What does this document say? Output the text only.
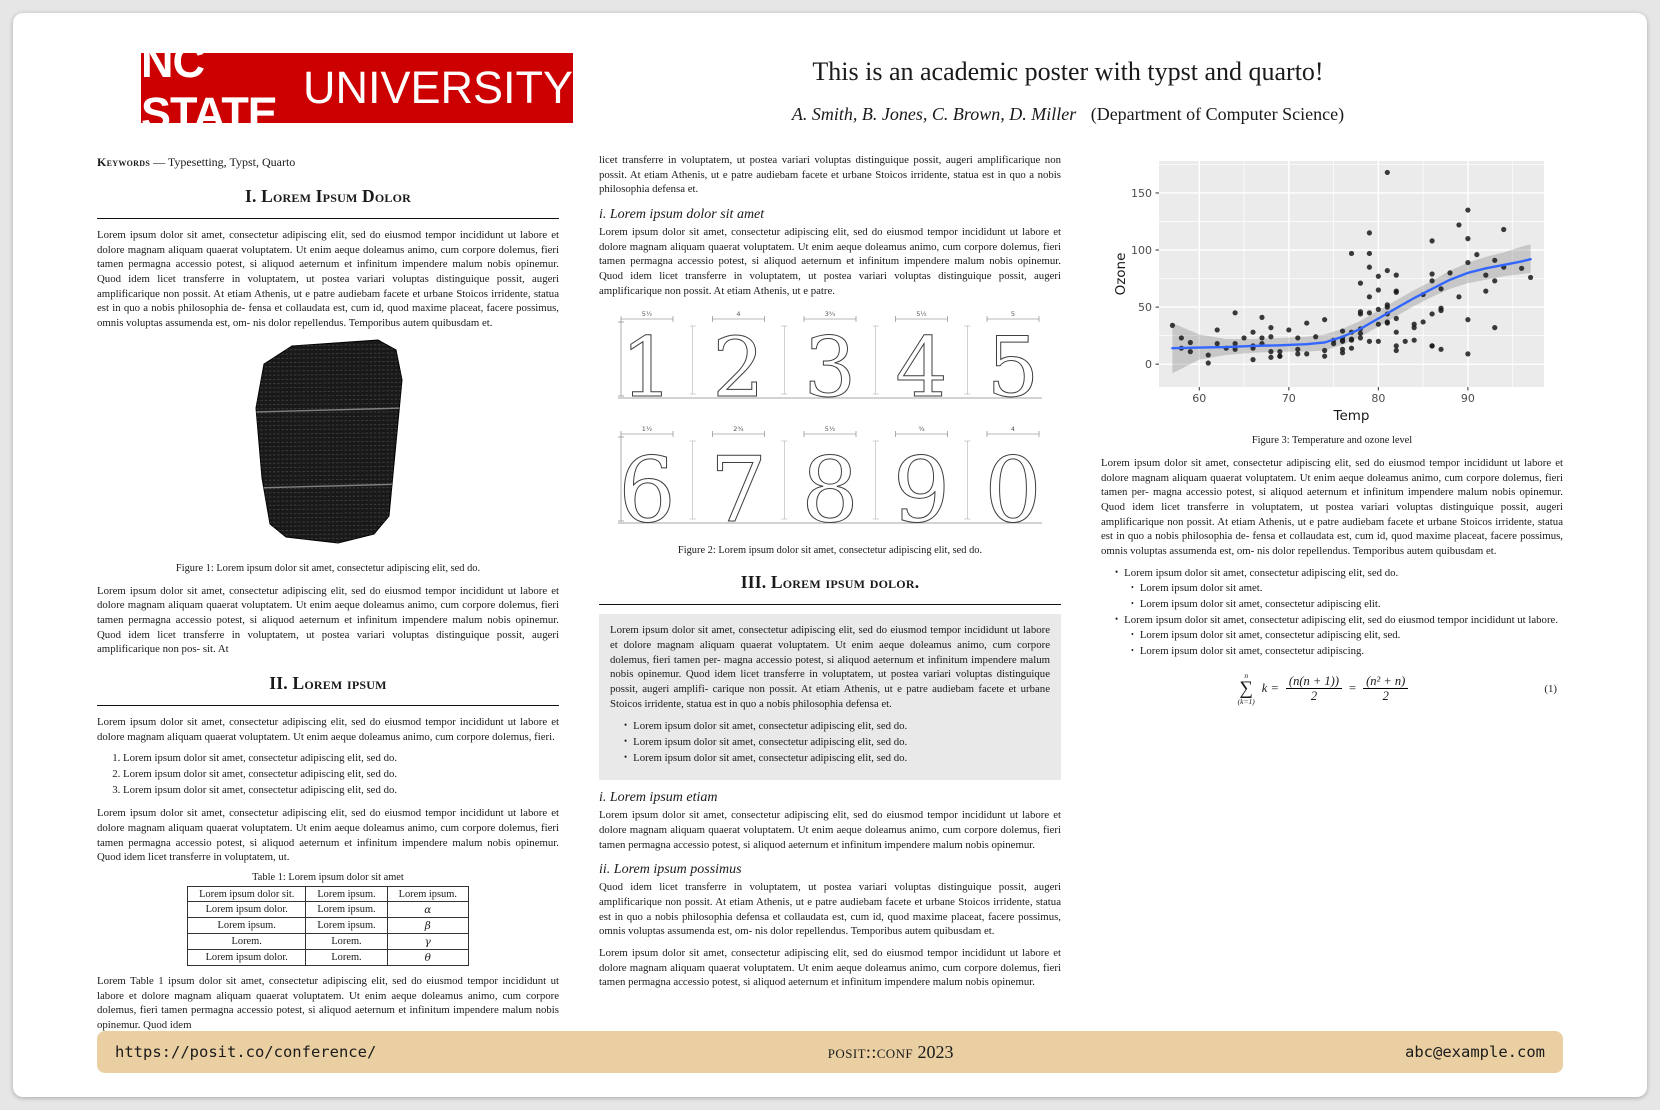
NC STATE
UNIVERSITY	This is an academic poster with typst and quarto!
A. Smith, B. Jones, C. Brown, D. Miller (Department of Computer Science)
Keywords — Typesetting, Typst, Quarto
I. Lorem Ipsum Dolor

Lorem ipsum dolor sit amet, consectetur adipiscing elit, sed do eiusmod tempor incididunt ut labore et dolore magnam aliquam quaerat voluptatem. Ut enim aeque doleamus animo, cum corpore dolemus, fieri tamen permagna accessio potest, si aliquod aeternum et infinitum impendere malum nobis opinemur. Quod idem licet transferre in voluptatem, ut postea variari voluptas distinguique possit, augeri amplificarique non possit. At etiam Athenis, ut e patre audiebam facete et urbane Stoicos irridente, statua est in quo a nobis philosophia de- fensa et collaudata est, cum id, quod maxime placeat, facere possimus, omnis voluptas assumenda est, om- nis dolor repellendus. Temporibus autem quibusdam et.

Figure 1: Lorem ipsum dolor sit amet, consectetur adipiscing elit, sed do.

Lorem ipsum dolor sit amet, consectetur adipiscing elit, sed do eiusmod tempor incididunt ut labore et dolore magnam aliquam quaerat voluptatem. Ut enim aeque doleamus animo, cum corpore dolemus, fieri tamen permagna accessio potest, si aliquod aeternum et infinitum impendere malum nobis opinemur. Quod idem licet transferre in voluptatem, ut postea variari voluptas distinguique possit, augeri amplificarique non pos- sit. At

II. Lorem ipsum

Lorem ipsum dolor sit amet, consectetur adipiscing elit, sed do eiusmod tempor incididunt ut labore et dolore magnam aliquam quaerat voluptatem. Ut enim aeque doleamus animo, cum corpore dolemus, fieri.

1. Lorem ipsum dolor sit amet, consectetur adipiscing elit, sed do.
2. Lorem ipsum dolor sit amet, consectetur adipiscing elit, sed do.
3. Lorem ipsum dolor sit amet, consectetur adipiscing elit, sed do.

Lorem ipsum dolor sit amet, consectetur adipiscing elit, sed do eiusmod tempor incididunt ut labore et dolore magnam aliquam quaerat voluptatem. Ut enim aeque doleamus animo, cum corpore dolemus, fieri tamen permagna accessio potest, si aliquod aeternum et infinitum impendere malum nobis opinemur. Quod idem licet transferre in voluptatem, ut.

Table 1: Lorem ipsum dolor sit amet
Lorem ipsum dolor sit.	Lorem ipsum.	Lorem ipsum.
Lorem ipsum dolor.	Lorem ipsum.	α
Lorem ipsum.	Lorem ipsum.	β
Lorem.	Lorem.	γ
Lorem ipsum dolor.	Lorem.	θ

Lorem Table 1 ipsum dolor sit amet, consectetur adipiscing elit, sed do eiusmod tempor incididunt ut labore et dolore magnam aliquam quaerat voluptatem. Ut enim aeque doleamus animo, cum corpore dolemus, fieri tamen permagna accessio potest, si aliquod aeternum et infinitum impendere malum nobis opinemur. Quod idem

licet transferre in voluptatem, ut postea variari voluptas distinguique possit, augeri amplificarique non possit. At etiam Athenis, ut e patre audiebam facete et urbane Stoicos irridente, statua est in quo a nobis philosophia defensa et.

i. Lorem ipsum dolor sit amet

Lorem ipsum dolor sit amet, consectetur adipiscing elit, sed do eiusmod tempor incididunt ut labore et dolore magnam aliquam quaerat voluptatem. Ut enim aeque doleamus animo, cum corpore dolemus, fieri tamen permagna accessio potest, si aliquod aeternum et infinitum impendere malum nobis opinemur. Quod idem licet transferre in voluptatem, ut postea variari voluptas distinguique possit, augeri amplificarique non possit. At etiam Athenis, ut e patre.

1
5½
2
4
3
3¾
4
5½
5
5

6
1½
7
2¾
8
5½
9
¾
0
4
Figure 2: Lorem ipsum dolor sit amet, consectetur adipiscing elit, sed do.
III. Lorem ipsum dolor.

Lorem ipsum dolor sit amet, consectetur adipiscing elit, sed do eiusmod tempor incididunt ut labore et dolore magnam aliquam quaerat voluptatem. Ut enim aeque doleamus animo, cum corpore dolemus, fieri tamen per- magna accessio potest, si aliquod aeternum et infinitum impendere malum nobis opinemur. Quod idem licet transferre in voluptatem, ut postea variari voluptas distinguique possit, augeri amplifi- carique non possit. At etiam Athenis, ut e patre audiebam facete et urbane Stoicos irridente, statua est in quo a nobis philosophia defensa et.

• Lorem ipsum dolor sit amet, consectetur adipiscing elit, sed do.
• Lorem ipsum dolor sit amet, consectetur adipiscing elit, sed do.
• Lorem ipsum dolor sit amet, consectetur adipiscing elit, sed do.
i. Lorem ipsum etiam

Lorem ipsum dolor sit amet, consectetur adipiscing elit, sed do eiusmod tempor incididunt ut labore et dolore magnam aliquam quaerat voluptatem. Ut enim aeque doleamus animo, cum corpore dolemus, fieri tamen permagna accessio potest, si aliquod aeternum et infinitum impendere malum nobis opinemur.

ii. Lorem ipsum possimus

Quod idem licet transferre in voluptatem, ut postea variari voluptas distinguique possit, augeri amplificarique non possit. At etiam Athenis, ut e patre audiebam facete et urbane Stoicos irridente, statua est in quo a nobis philosophia defensa et collaudata est, cum id, quod maxime placeat, facere possimus, omnis voluptas assumenda est, om- nis dolor repellendus. Temporibus autem quibusdam et.

Lorem ipsum dolor sit amet, consectetur adipiscing elit, sed do eiusmod tempor incididunt ut labore et dolore magnam aliquam quaerat voluptatem. Ut enim aeque doleamus animo, cum corpore dolemus, fieri tamen permagna accessio potest, si aliquod aeternum et infinitum impendere malum nobis opinemur.

60	70	80	90
0
50
100
150
Temp
Ozone
Figure 3: Temperature and ozone level

Lorem ipsum dolor sit amet, consectetur adipiscing elit, sed do eiusmod tempor incididunt ut labore et dolore magnam aliquam quaerat voluptatem. Ut enim aeque doleamus animo, cum corpore dolemus, fieri tamen per- magna accessio potest, si aliquod aeternum et infinitum impendere malum nobis opinemur. Quod idem licet transferre in voluptatem, ut postea variari voluptas distinguique possit, augeri amplificarique non possit. At etiam Athenis, ut e patre audiebam facete et urbane Stoicos irridente, statua est in quo a nobis philosophia de- fensa et collaudata est, cum id, quod maxime placeat, facere possimus, omnis voluptas assumenda est, om- nis dolor repellendus. Temporibus autem quibusdam et.

• Lorem ipsum dolor sit amet, consectetur adipiscing elit, sed do.
• Lorem ipsum dolor sit amet.
• Lorem ipsum dolor sit amet, consectetur adipiscing elit.
• Lorem ipsum dolor sit amet, consectetur adipiscing elit, sed do eiusmod tempor incididunt ut labore.
• Lorem ipsum dolor sit amet, consectetur adipiscing elit, sed.
• Lorem ipsum dolor sit amet, consectetur adipiscing.
n
∑
(k=1)
$k = \frac{(n(n + 1))}{2} = \frac{\text{(n² + n)}}{2}$	(1)
https://posit.co/conference/	posit::conf 2023	abc@example.com
